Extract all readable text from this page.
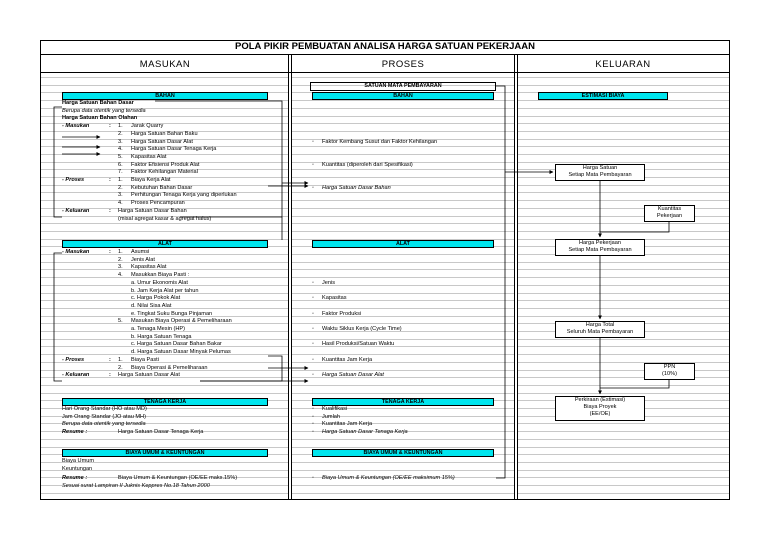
POLA PIKIR PEMBUATAN ANALISA HARGA SATUAN PEKERJAAN
MASUKAN	PROSES	KELUARAN
BAHAN
Harga Satuan Bahan Dasar
Berupa data otentik yang tersedia
Harga Satuan Bahan Olahan
- Masukan	: 1. Jarak Quarry
2. Harga Satuan Bahan Baku
3. Harga Satuan Dasar Alat
4. Harga Satuan Dasar Tenaga Kerja
5. Kapasitas Alat
6. Faktor Efisiensi Produk Alat
7. Faktor Kehilangan Material
- Proses	: 1. Biaya Kerja Alat
2. Kebutuhan Bahan Dasar
3. Perhitungan Tenaga Kerja yang diperlukan
4. Proses Pencampuran
- Keluaran	: Harga Satuan Dasar Bahan
(misal agregat kasar & agregat halus)
ALAT
- Masukan	: 1. Asumsi
2. Jenis Alat
3. Kapasitas Alat
4. Masukkan Biaya Pasti :
a. Umur Ekonomis Alat
b. Jam Kerja Alat per tahun
c. Harga Pokok Alat
d. Nilai Sisa Alat
e. Tingkat Suku Bunga Pinjaman
5. Masukan Biaya Operasi & Pemeliharaan
a. Tenaga Mesin (HP)
b. Harga Satuan Tenaga
c. Harga Satuan Dasar Bahan Bakar
d. Harga Satuan Dasar Minyak Pelumas
- Proses	: 1. Biaya Pasti
2. Biaya Operasi & Pemeliharaan
- Keluaran	: Harga Satuan Dasar Alat
TENAGA KERJA
Hari Orang Standar (HO atau MD)
Jam Orang Standar (JO atau MH)
Berupa data otentik yang tersedia
Resume :	Harga Satuan Dasar Tenaga Kerja
BIAYA UMUM & KEUNTUNGAN
Biaya Umum
Keuntungan
Resume :	Biaya Umum & Keuntungan (OE/EE maks.15%)
Sesuai surat Lampiran II Juknis Keppres No.18 Tahun 2000
SATUAN MATA PEMBAYARAN
BAHAN
◦ Faktor Kembang Susut dan Faktor Kehilangan
◦ Kuantitas (diperoleh dari Spesifikasi)
◦ Harga Satuan Dasar Bahan
ALAT
◦ Jenis
◦ Kapasitas
◦ Faktor Produksi
◦ Waktu Siklus Kerja (Cycle Time)
◦ Hasil Produksi/Satuan Waktu
◦ Kuantitas Jam Kerja
◦ Harga Satuan Dasar Alat
TENAGA KERJA
◦ Kualifikasi
◦ Jumlah
◦ Kuantitas Jam Kerja
◦ Harga Satuan Dasar Tenaga Kerja
BIAYA UMUM & KEUNTUNGAN
◦ Biaya Umum & Keuntungan (OE/EE maksimum 15%)
ESTIMASI BIAYA
Harga Satuan
Setiap Mata Pembayaran
Kuantitas
Pekerjaan
Harga Pekerjaan
Setiap Mata Pembayaran
Harga Total
Seluruh Mata Pembayaran
PPN
(10%)
Perkiraan (Estimasi)
Biaya Proyek
(EE/OE)
